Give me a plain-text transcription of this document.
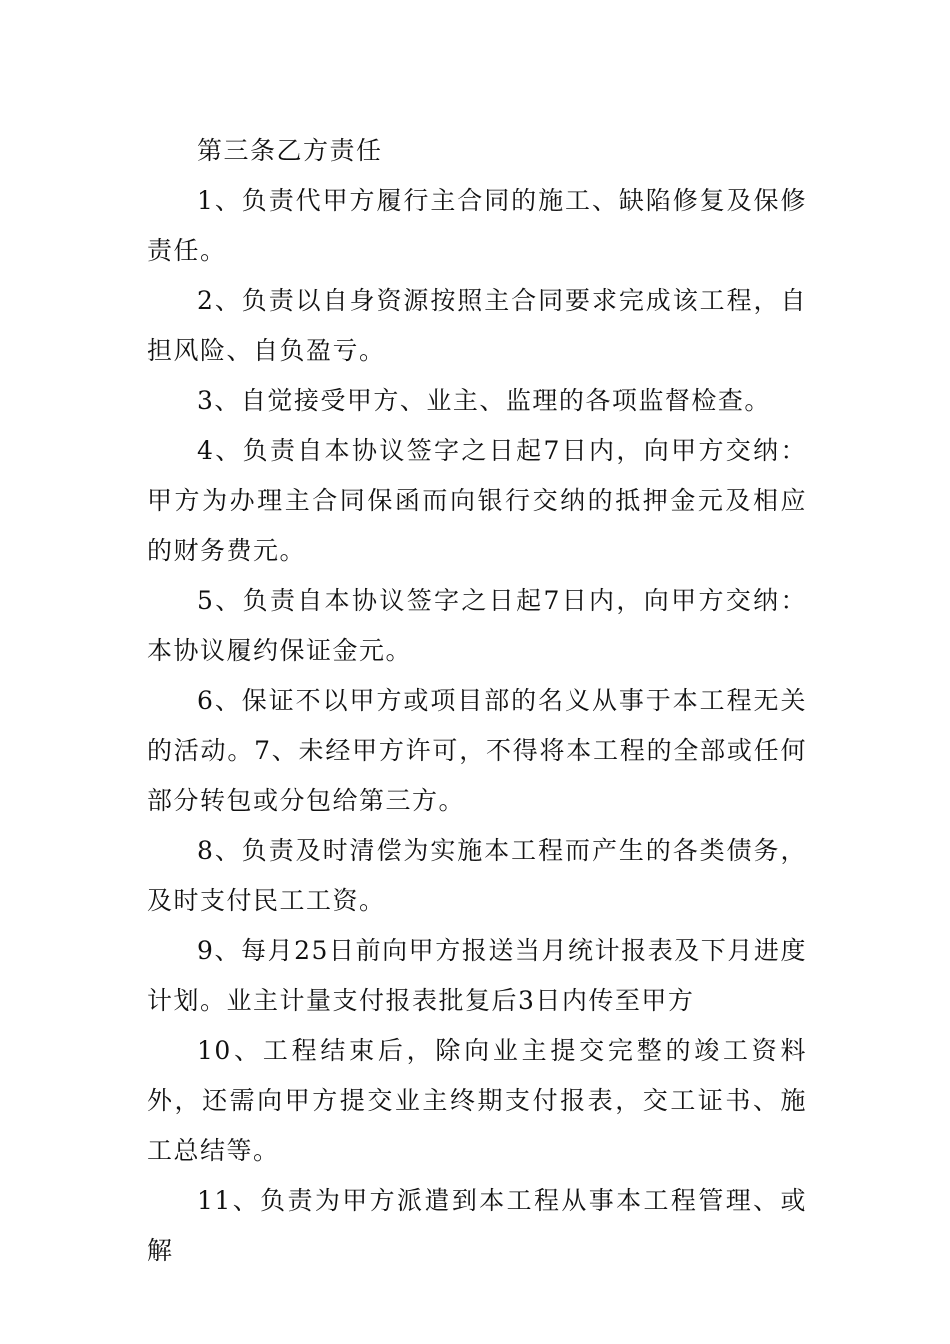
第三条乙方责任

1、负责代甲方履行主合同的施工、缺陷修复及保修责任。

2、负责以自身资源按照主合同要求完成该工程，自担风险、自负盈亏。

3、自觉接受甲方、业主、监理的各项监督检查。

4、负责自本协议签字之日起7日内，向甲方交纳：甲方为办理主合同保函而向银行交纳的抵押金元及相应的财务费元。

5、负责自本协议签字之日起7日内，向甲方交纳：本协议履约保证金元。

6、保证不以甲方或项目部的名义从事于本工程无关的活动。7、未经甲方许可，不得将本工程的全部或任何部分转包或分包给第三方。

8、负责及时清偿为实施本工程而产生的各类债务，及时支付民工工资。

9、每月25日前向甲方报送当月统计报表及下月进度计划。业主计量支付报表批复后3日内传至甲方

10、工程结束后，除向业主提交完整的竣工资料外，还需向甲方提交业主终期支付报表，交工证书、施工总结等。

11、负责为甲方派遣到本工程从事本工程管理、或解
